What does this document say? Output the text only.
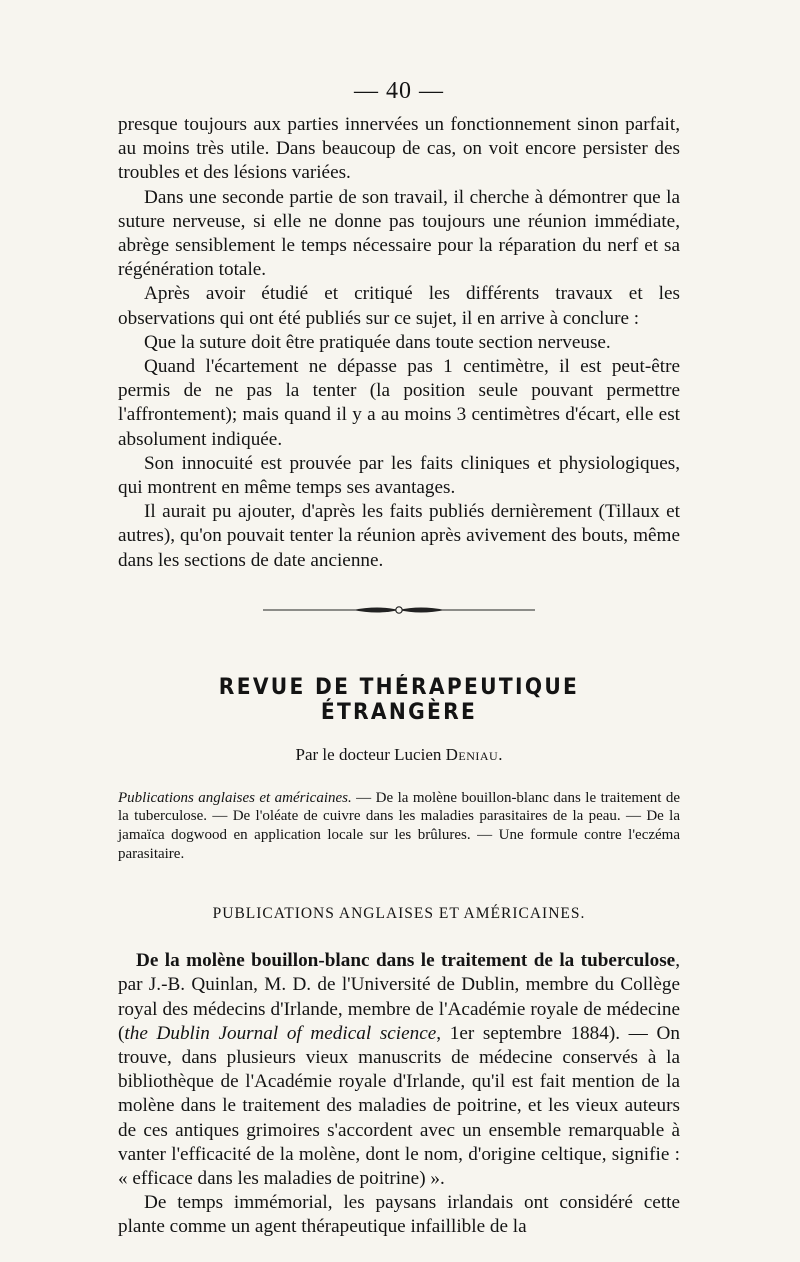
— 40 —

presque toujours aux parties innervées un fonctionnement sinon parfait, au moins très utile. Dans beaucoup de cas, on voit encore persister des troubles et des lésions variées.

Dans une seconde partie de son travail, il cherche à démontrer que la suture nerveuse, si elle ne donne pas toujours une réunion immédiate, abrège sensiblement le temps nécessaire pour la réparation du nerf et sa régénération totale.

Après avoir étudié et critiqué les différents travaux et les observations qui ont été publiés sur ce sujet, il en arrive à conclure :

Que la suture doit être pratiquée dans toute section nerveuse.

Quand l'écartement ne dépasse pas 1 centimètre, il est peut-être permis de ne pas la tenter (la position seule pouvant permettre l'affrontement); mais quand il y a au moins 3 centimètres d'écart, elle est absolument indiquée.

Son innocuité est prouvée par les faits cliniques et physiologiques, qui montrent en même temps ses avantages.

Il aurait pu ajouter, d'après les faits publiés dernièrement (Tillaux et autres), qu'on pouvait tenter la réunion après avivement des bouts, même dans les sections de date ancienne.

REVUE DE THÉRAPEUTIQUE ÉTRANGÈRE
Par le docteur Lucien Deniau.
Publications anglaises et américaines. — De la molène bouillon-blanc dans le traitement de la tuberculose. — De l'oléate de cuivre dans les maladies parasitaires de la peau. — De la jamaïca dogwood en application locale sur les brûlures. — Une formule contre l'eczéma parasitaire.
PUBLICATIONS ANGLAISES ET AMÉRICAINES.

De la molène bouillon-blanc dans le traitement de la tuberculose, par J.-B. Quinlan, M. D. de l'Université de Dublin, membre du Collège royal des médecins d'Irlande, membre de l'Académie royale de médecine (the Dublin Journal of medical science, 1er septembre 1884). — On trouve, dans plusieurs vieux manuscrits de médecine conservés à la bibliothèque de l'Académie royale d'Irlande, qu'il est fait mention de la molène dans le traitement des maladies de poitrine, et les vieux auteurs de ces antiques grimoires s'accordent avec un ensemble remarquable à vanter l'efficacité de la molène, dont le nom, d'origine celtique, signifie : « efficace dans les maladies de poitrine) ».

De temps immémorial, les paysans irlandais ont considéré cette plante comme un agent thérapeutique infaillible de la
